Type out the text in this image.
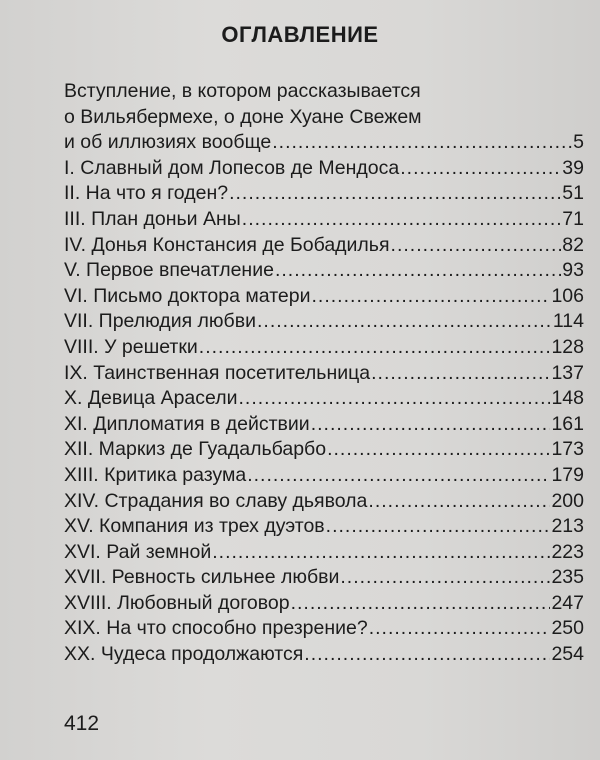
ОГЛАВЛЕНИЕ
Вступление, в котором рассказывается
о Вильябермехе, о доне Хуане Свежем
и об иллюзиях вообще .....	5
I. Славный дом Лопесов де Мендоса .....	39
II. На что я годен? .....	51
III. План доньи Аны .....	71
IV. Донья Констансия де Бобадилья .....	82
V. Первое впечатление .....	93
VI. Письмо доктора матери .....	106
VII. Прелюдия любви .....	114
VIII. У решетки .....	128
IX. Таинственная посетительница .....	137
X. Девица Арасели .....	148
XI. Дипломатия в действии .....	161
XII. Маркиз де Гуадальбарбо .....	173
XIII. Критика разума .....	179
XIV. Страдания во славу дьявола .....	200
XV. Компания из трех дуэтов .....	213
XVI. Рай земной .....	223
XVII. Ревность сильнее любви .....	235
XVIII. Любовный договор .....	247
XIX. На что способно презрение? .....	250
XX. Чудеса продолжаются .....	254
412
